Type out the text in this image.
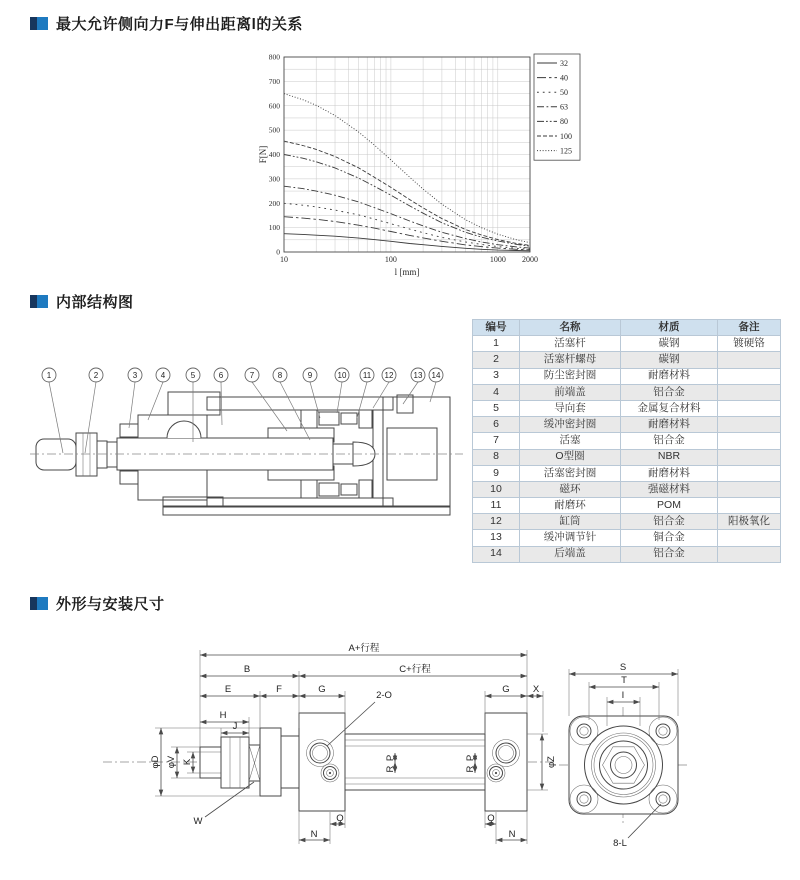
最大允许侧向力F与伸出距离l的关系
0
100
200
300
400
500
600
700
800
10	100	1000 2000
l [mm]
F[N]
32
40
50
63
80
100
125
内部结构图
1	2	3	4	5	6	7	8	9	10 11 12	13 14
编号	名称	材质	备注
1	活塞杆	碳钢	镀硬铬
2	活塞杆螺母	碳钢	
3	防尘密封圈	耐磨材料	
4	前端盖	铝合金	
5	导向套	金属复合材料	
6	缓冲密封圈	耐磨材料	
7	活塞	铝合金	
8	O型圈	NBR	
9	活塞密封圈	耐磨材料	
10	磁环	强磁材料	
11	耐磨环	POM	
12	缸筒	铝合金	阳极氧化
13	缓冲调节针	铜合金	
14	后端盖	铝合金	
外形与安装尺寸
A+行程
B	C+行程
E	F	G	G X
H
J
2-O
φD φV K
W	Q	Q
N	N
P
R
P
R
φZ
S
T
I
8-L
